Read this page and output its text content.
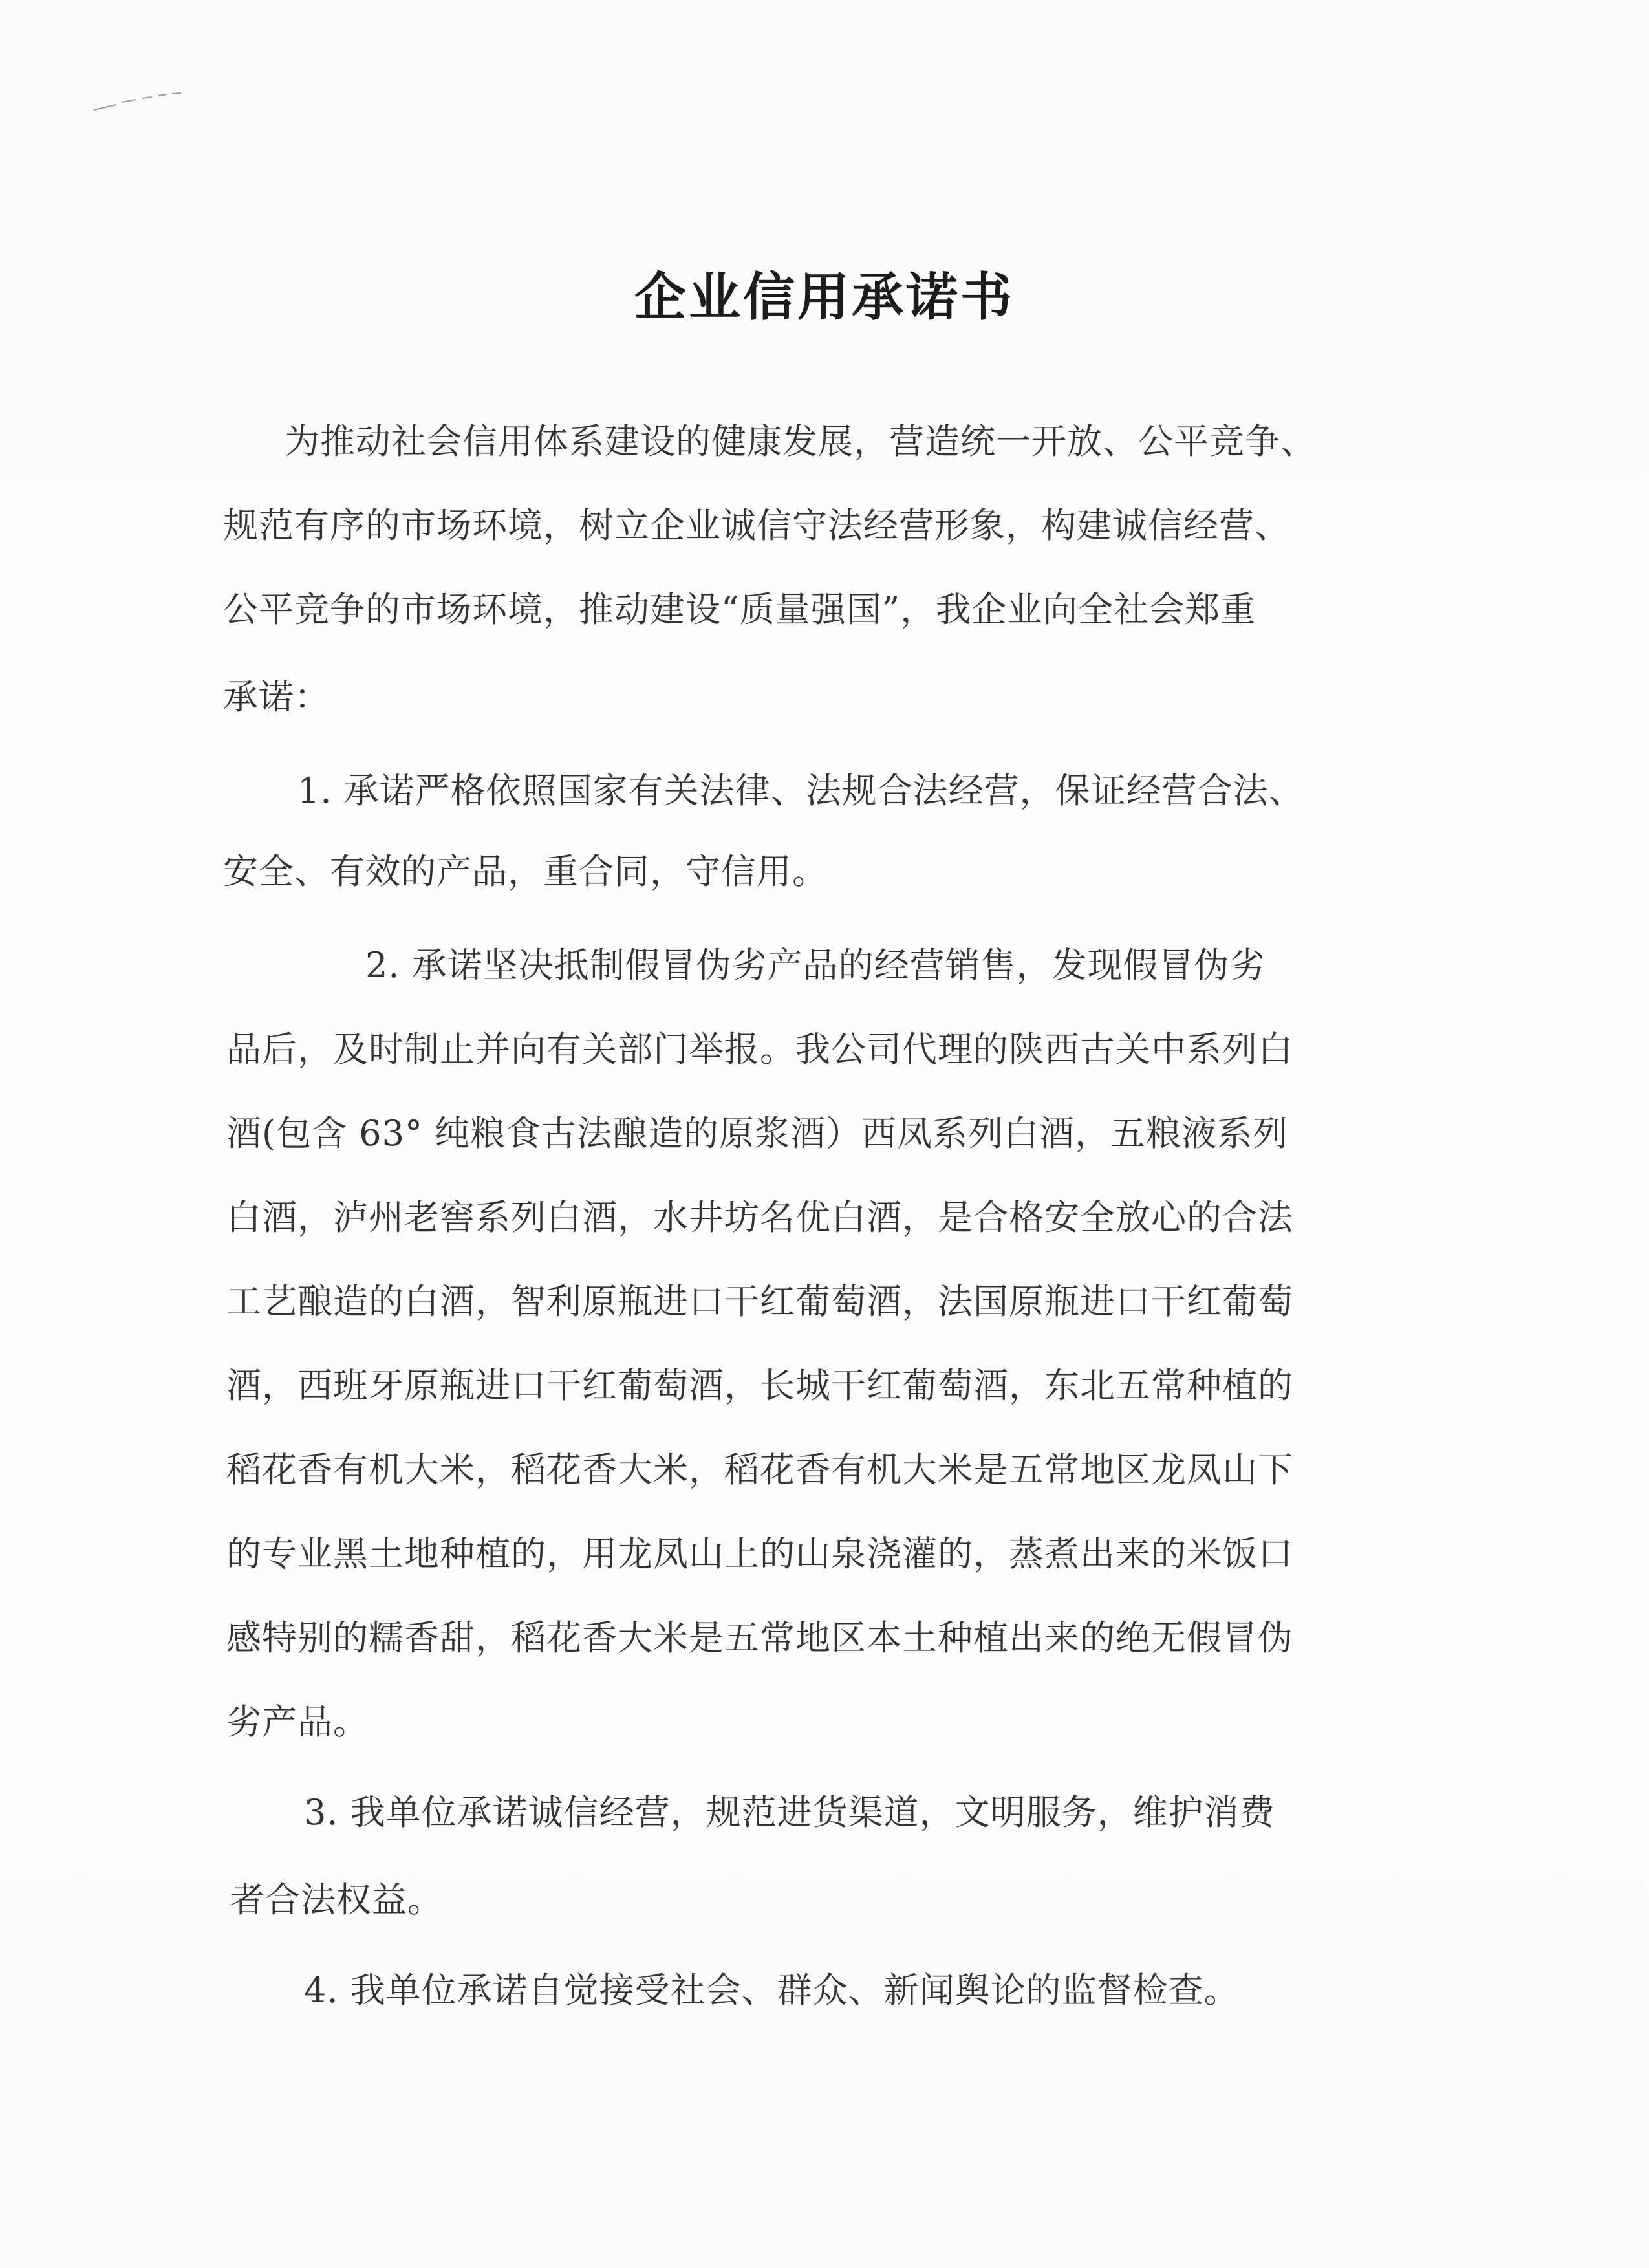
企业信用承诺书
为推动社会信用体系建设的健康发展，营造统一开放、公平竞争、
规范有序的市场环境，树立企业诚信守法经营形象，构建诚信经营、
公平竞争的市场环境，推动建设“质量强国”，我企业向全社会郑重
承诺：
1. 承诺严格依照国家有关法律、法规合法经营，保证经营合法、
安全、有效的产品，重合同，守信用。
2. 承诺坚决抵制假冒伪劣产品的经营销售，发现假冒伪劣
品后，及时制止并向有关部门举报。我公司代理的陕西古关中系列白
酒(包含 63° 纯粮食古法酿造的原浆酒）西凤系列白酒，五粮液系列
白酒，泸州老窖系列白酒，水井坊名优白酒，是合格安全放心的合法
工艺酿造的白酒，智利原瓶进口干红葡萄酒，法国原瓶进口干红葡萄
酒，西班牙原瓶进口干红葡萄酒，长城干红葡萄酒，东北五常种植的
稻花香有机大米，稻花香大米，稻花香有机大米是五常地区龙凤山下
的专业黑土地种植的，用龙凤山上的山泉浇灌的，蒸煮出来的米饭口
感特别的糯香甜，稻花香大米是五常地区本土种植出来的绝无假冒伪
劣产品。
3. 我单位承诺诚信经营，规范进货渠道，文明服务，维护消费
者合法权益。
4. 我单位承诺自觉接受社会、群众、新闻舆论的监督检查。
